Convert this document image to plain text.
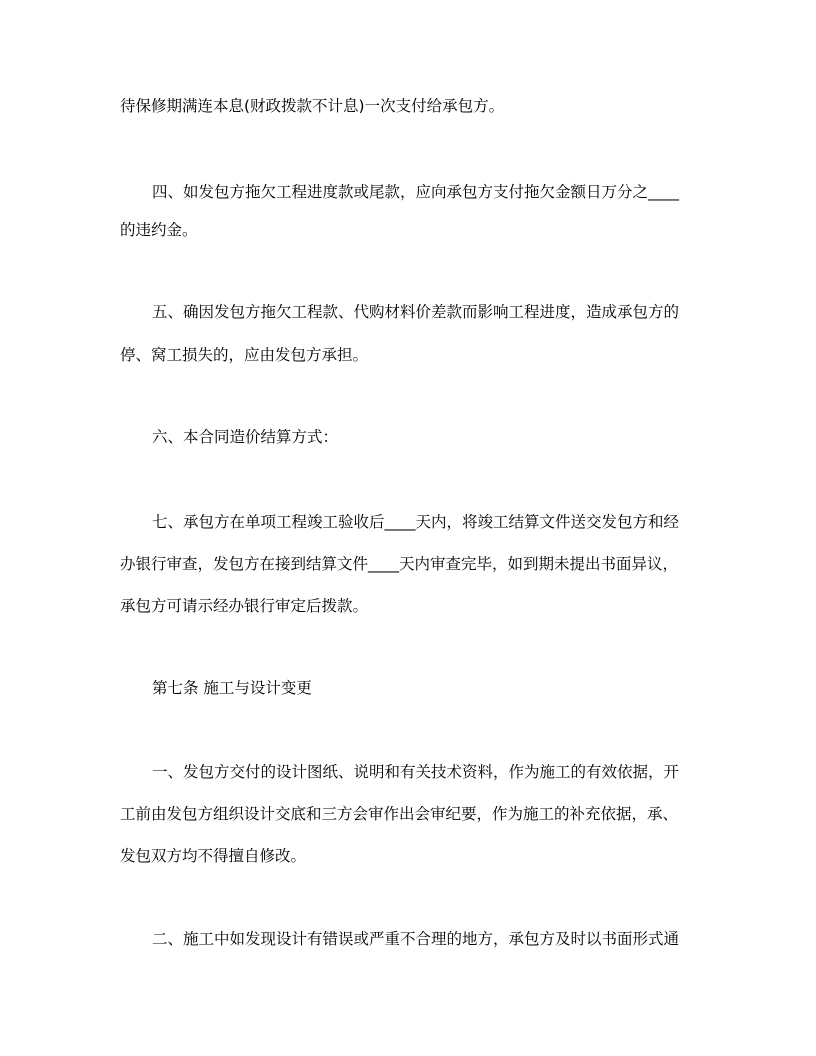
待保修期满连本息(财政拨款不计息)一次支付给承包方。
四、如发包方拖欠工程进度款或尾款，应向承包方支付拖欠金额日万分之____
的违约金。
五、确因发包方拖欠工程款、代购材料价差款而影响工程进度，造成承包方的
停、窝工损失的，应由发包方承担。
六、本合同造价结算方式：
七、承包方在单项工程竣工验收后____天内，将竣工结算文件送交发包方和经
办银行审查，发包方在接到结算文件____天内审查完毕，如到期未提出书面异议，
承包方可请示经办银行审定后拨款。
第七条 施工与设计变更
一、发包方交付的设计图纸、说明和有关技术资料，作为施工的有效依据，开
工前由发包方组织设计交底和三方会审作出会审纪要，作为施工的补充依据，承、
发包双方均不得擅自修改。
二、施工中如发现设计有错误或严重不合理的地方，承包方及时以书面形式通
